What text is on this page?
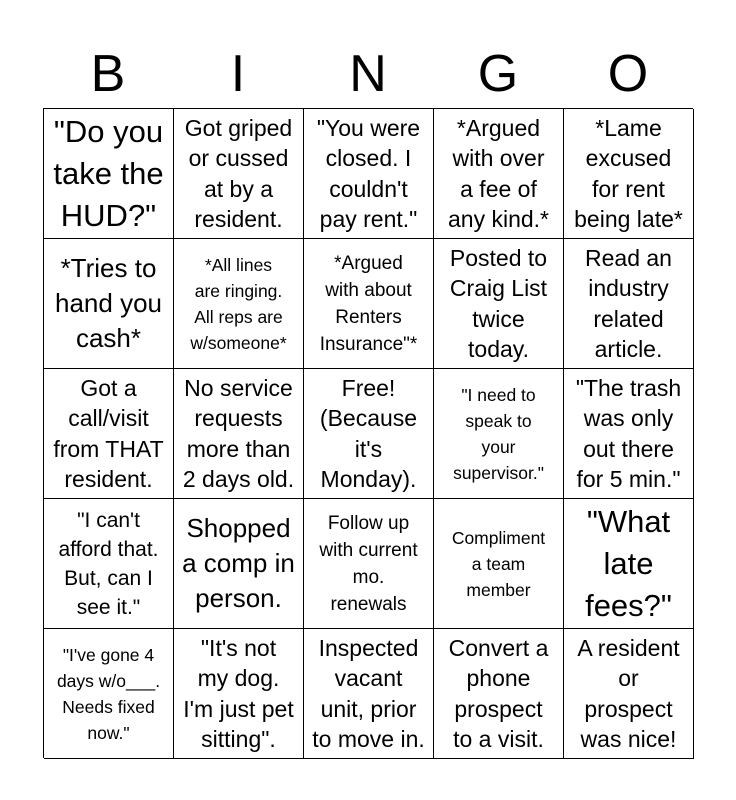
B	I	N	G	O
"Do you
take the
HUD?"
Got griped
or cussed
at by a
resident.
"You were
closed. I
couldn't
pay rent."
*Argued
with over
a fee of
any kind.*
*Lame
excused
for rent
being late*
*Tries to
hand you
cash*
*All lines
are ringing.
All reps are
w/someone*
*Argued
with about
Renters
Insurance"*
Posted to
Craig List
twice
today.
Read an
industry
related
article.
Got a
call/visit
from THAT
resident.
No service
requests
more than
2 days old.
Free!
(Because
it's
Monday).
"I need to
speak to
your
supervisor."
"The trash
was only
out there
for 5 min."
"I can't
afford that.
But, can I
see it."
Shopped
a comp in
person.
Follow up
with current
mo.
renewals
Compliment
a team
member
"What
late
fees?"
"I've gone 4
days w/o___.
Needs fixed
now."
"It's not
my dog.
I'm just pet
sitting".
Inspected
vacant
unit, prior
to move in.
Convert a
phone
prospect
to a visit.
A resident
or
prospect
was nice!
